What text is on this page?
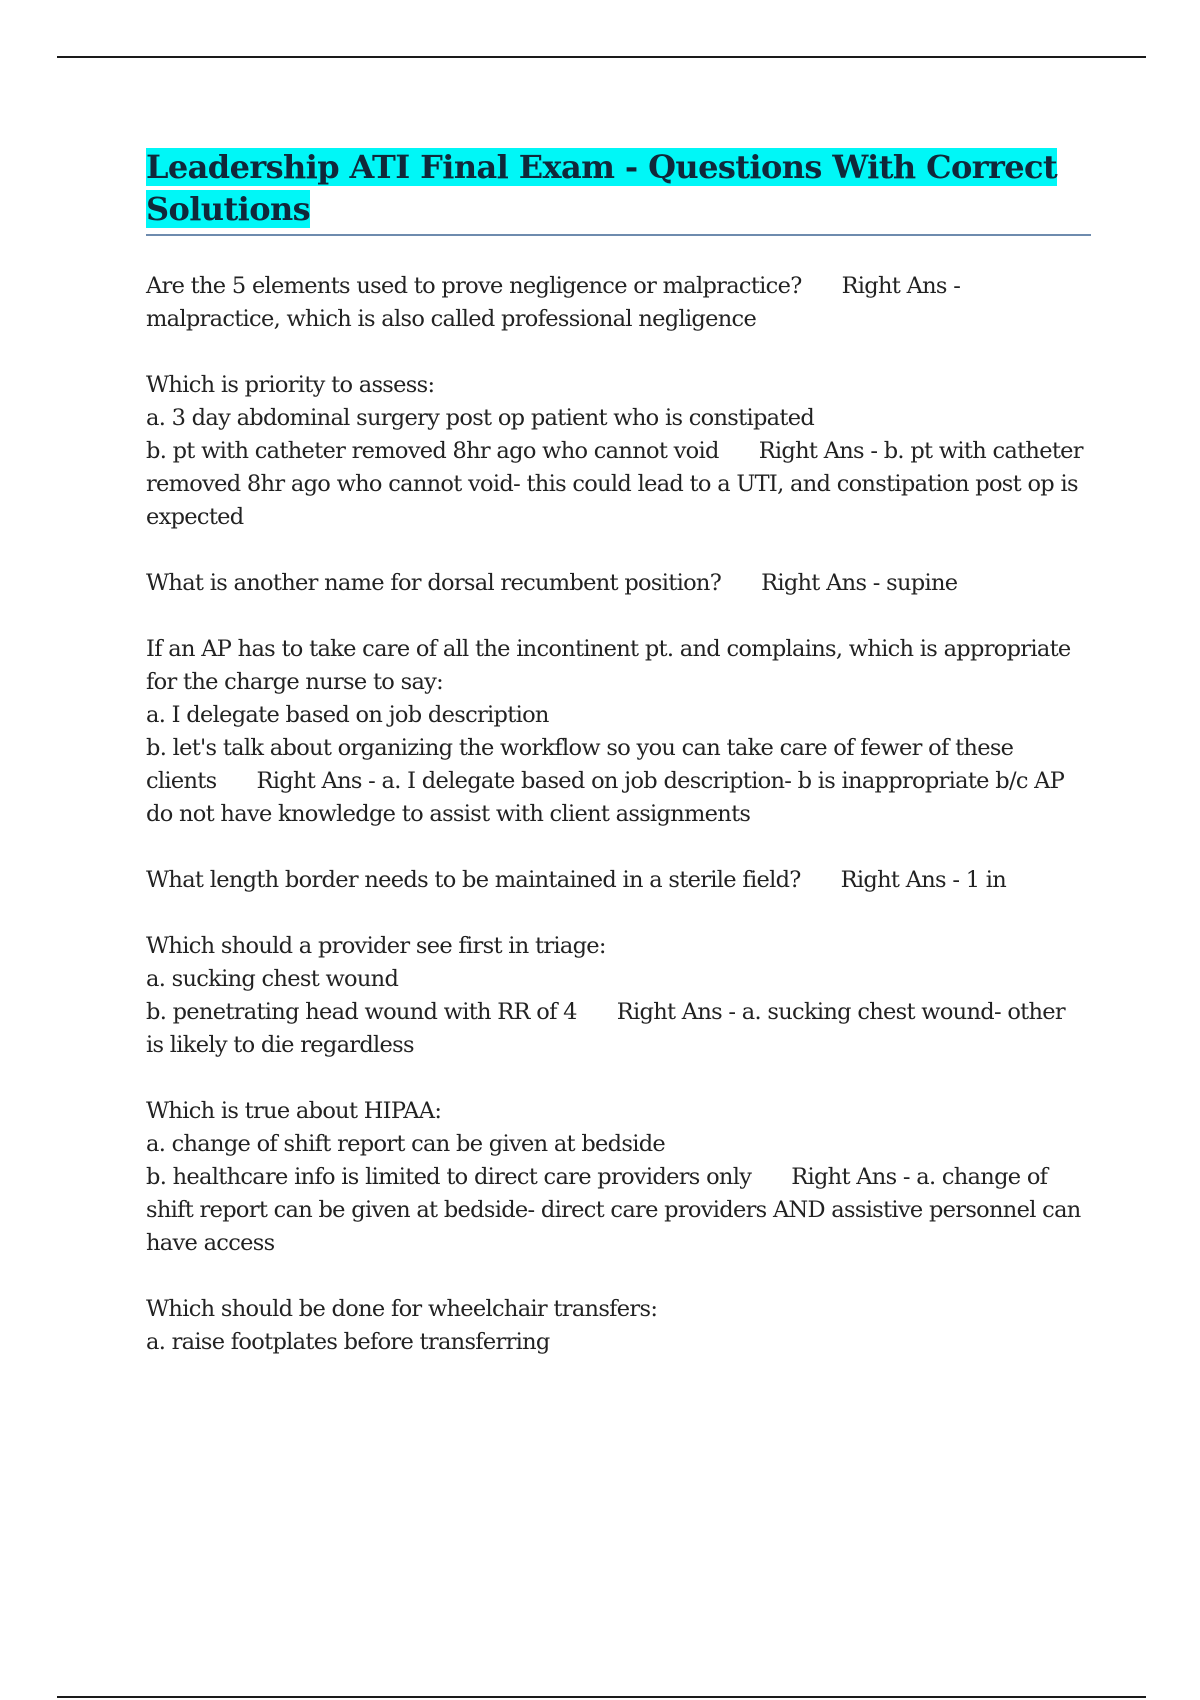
Leadership ATI Final Exam - Questions With Correct Solutions

Are the 5 elements used to prove negligence or malpractice? Right Ans - malpractice, which is also called professional negligence

Which is priority to assess:
a. 3 day abdominal surgery post op patient who is constipated
b. pt with catheter removed 8hr ago who cannot void Right Ans - b. pt with catheter removed 8hr ago who cannot void- this could lead to a UTI, and constipation post op is expected

What is another name for dorsal recumbent position? Right Ans - supine

If an AP has to take care of all the incontinent pt. and complains, which is appropriate for the charge nurse to say:
a. I delegate based on job description
b. let's talk about organizing the workflow so you can take care of fewer of these clients Right Ans - a. I delegate based on job description- b is inappropriate b/c AP do not have knowledge to assist with client assignments

What length border needs to be maintained in a sterile field? Right Ans - 1 in

Which should a provider see first in triage:
a. sucking chest wound
b. penetrating head wound with RR of 4 Right Ans - a. sucking chest wound- other is likely to die regardless

Which is true about HIPAA:
a. change of shift report can be given at bedside
b. healthcare info is limited to direct care providers only Right Ans - a. change of shift report can be given at bedside- direct care providers AND assistive personnel can have access

Which should be done for wheelchair transfers:
a. raise footplates before transferring
